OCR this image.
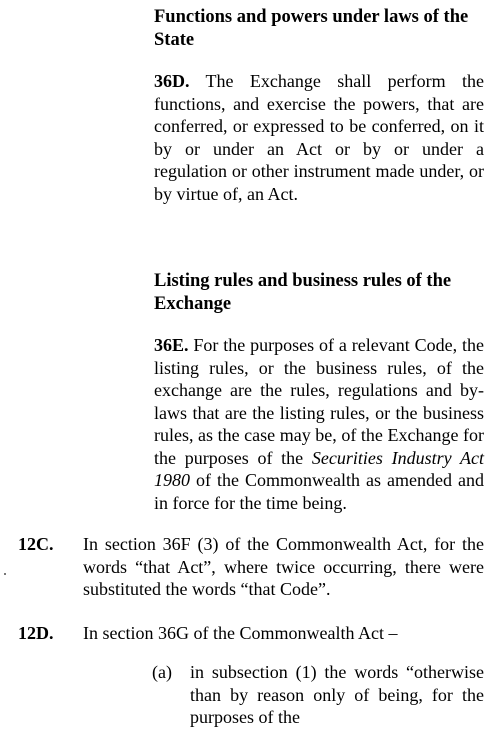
Functions and powers under laws of the State
36D. The Exchange shall perform the functions, and exercise the powers, that are conferred, or expressed to be conferred, on it by or under an Act or by or under a regulation or other instrument made under, or by virtue of, an Act.
Listing rules and business rules of the Exchange
36E. For the purposes of a relevant Code, the listing rules, or the business rules, of the exchange are the rules, regulations and by-laws that are the listing rules, or the business rules, as the case may be, of the Exchange for the purposes of the Securities Industry Act 1980 of the Commonwealth as amended and in force for the time being.
12C. In section 36F (3) of the Commonwealth Act, for the words “that Act”, where twice occurring, there were substituted the words “that Code”.
12D. In section 36G of the Commonwealth Act –
(a) in subsection (1) the words “otherwise than by reason only of being, for the purposes of the
